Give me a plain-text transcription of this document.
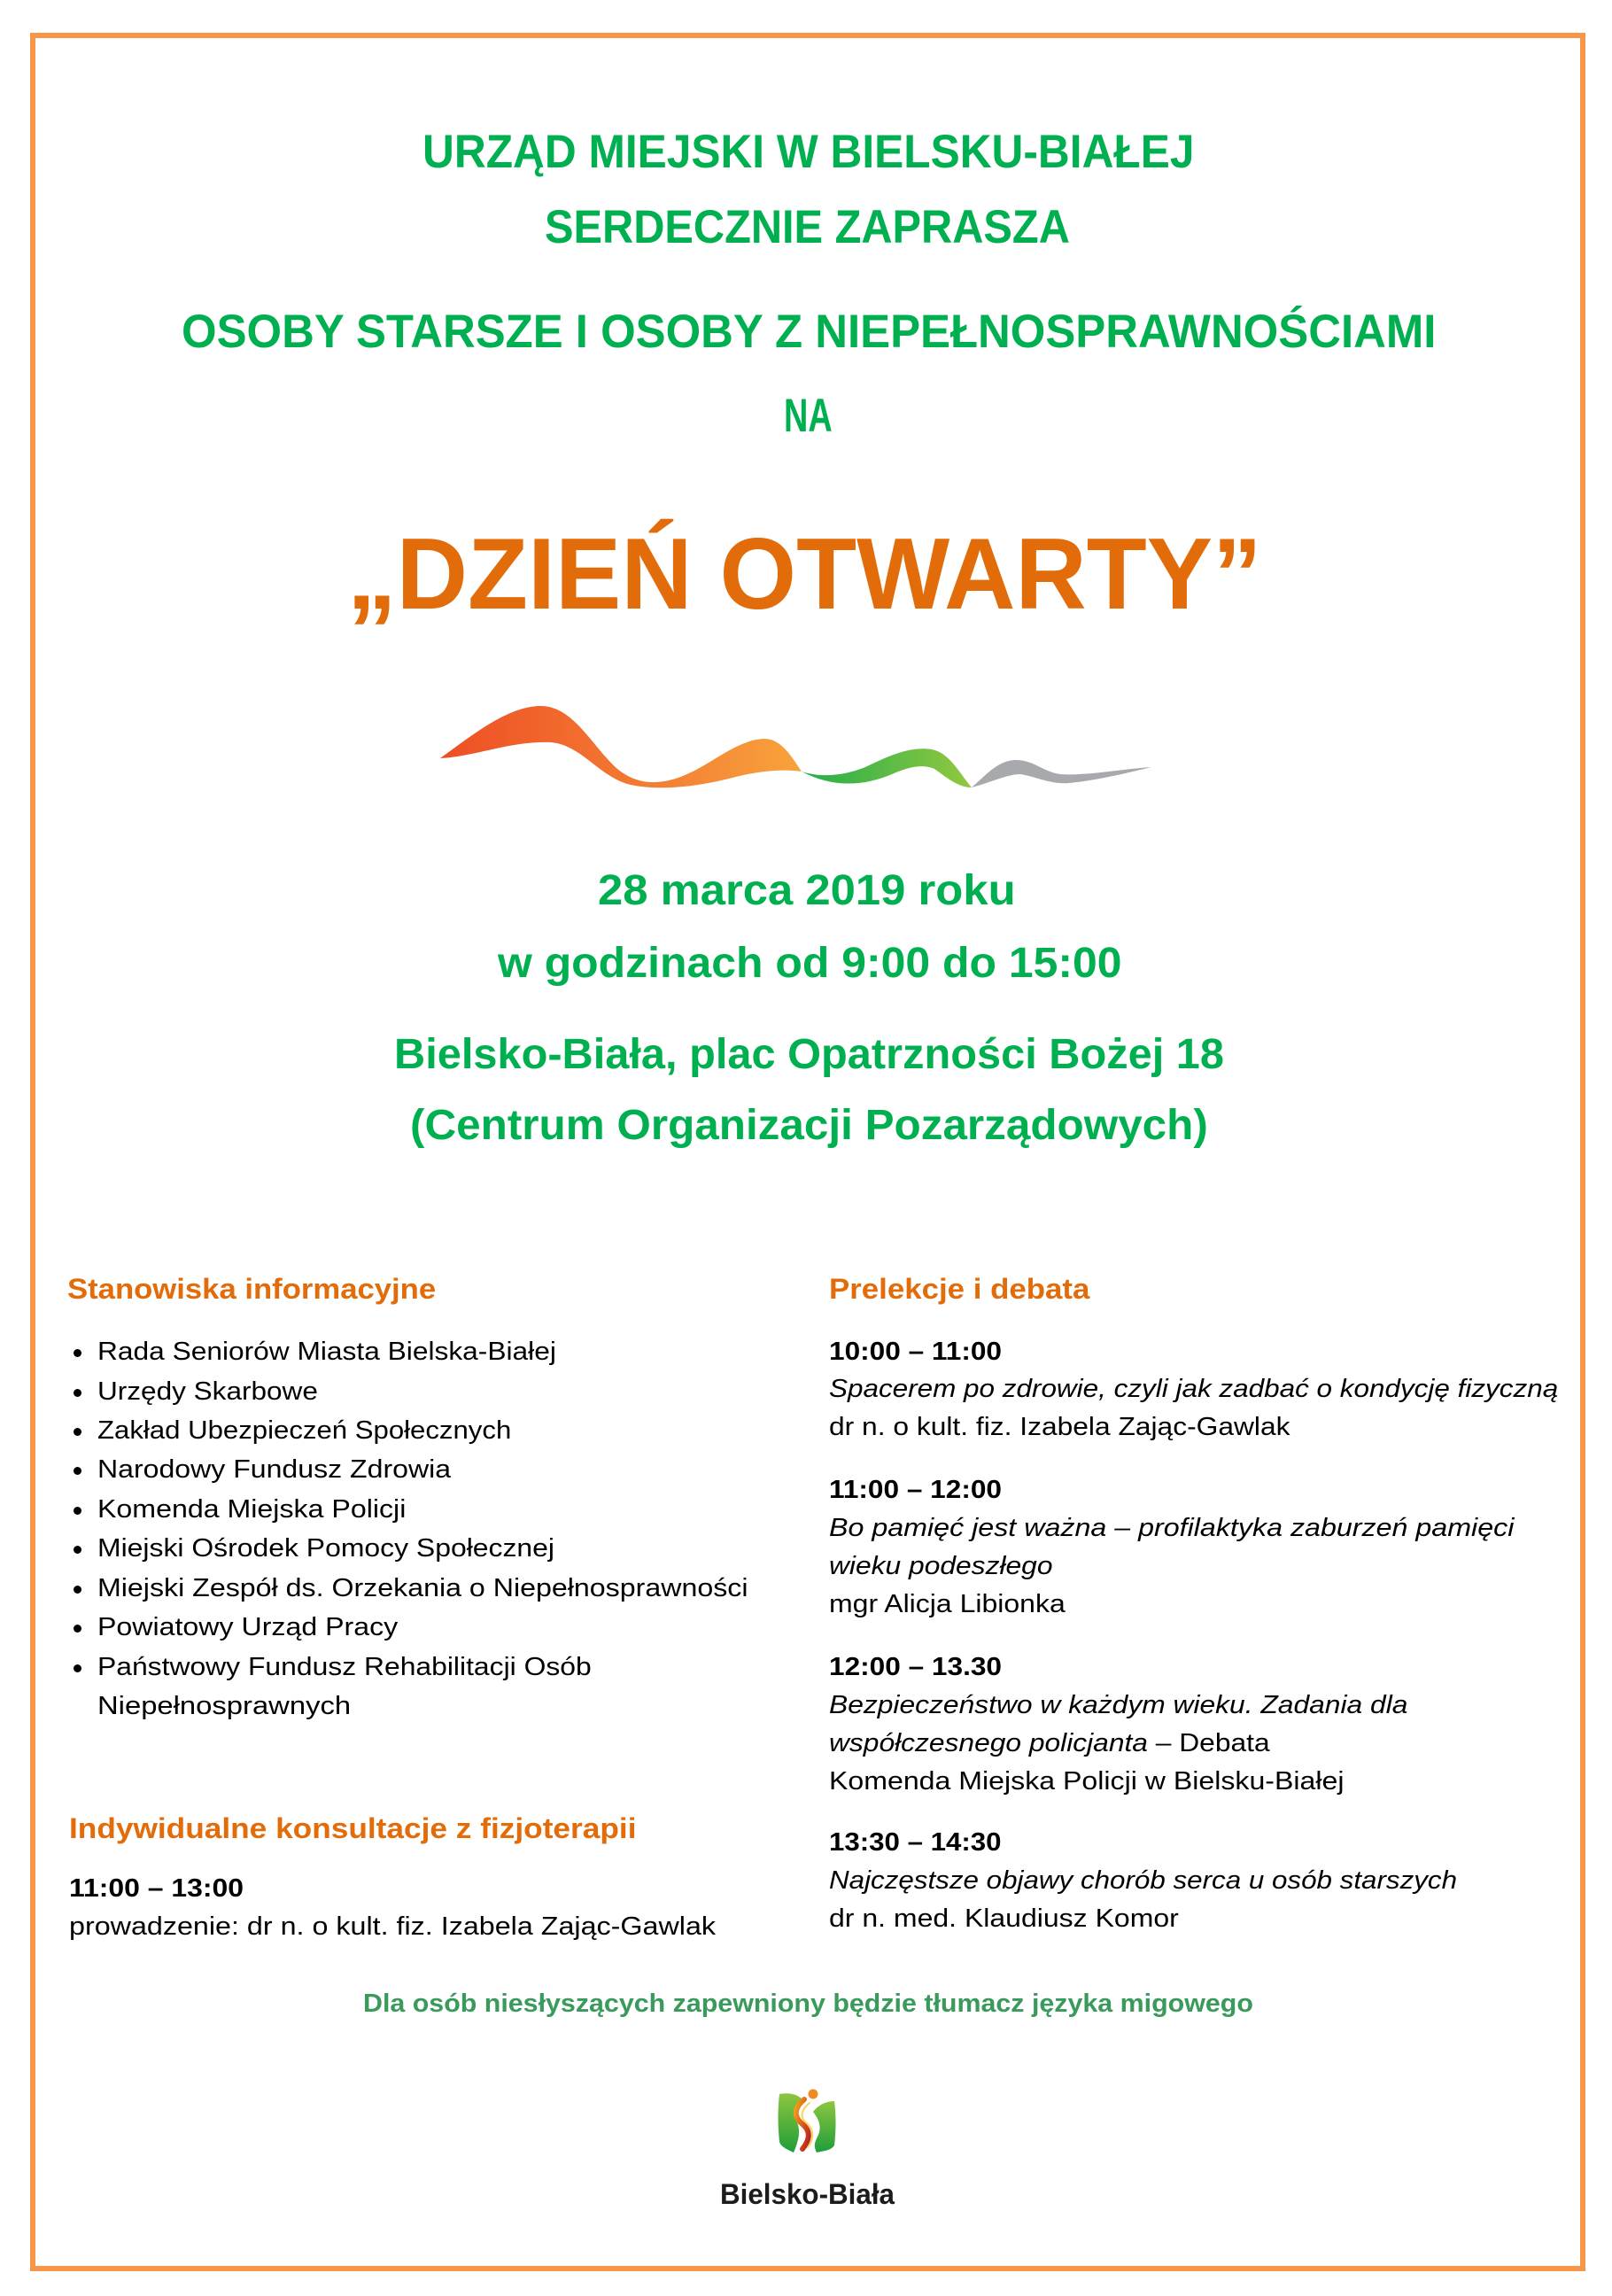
URZĄD MIEJSKI W BIELSKU-BIAŁEJ
SERDECZNIE ZAPRASZA
OSOBY STARSZE I OSOBY Z NIEPEŁNOSPRAWNOŚCIAMI
NA
„DZIEŃ OTWARTY”
28 marca 2019 roku
w godzinach od 9:00 do 15:00
Bielsko-Biała, plac Opatrzności Bożej 18
(Centrum Organizacji Pozarządowych)
Stanowiska informacyjne
Rada Seniorów Miasta Bielska-Białej
Urzędy Skarbowe
Zakład Ubezpieczeń Społecznych
Narodowy Fundusz Zdrowia
Komenda Miejska Policji
Miejski Ośrodek Pomocy Społecznej
Miejski Zespół ds. Orzekania o Niepełnosprawności
Powiatowy Urząd Pracy
Państwowy Fundusz Rehabilitacji Osób
Niepełnosprawnych
Indywidualne konsultacje z fizjoterapii
11:00 – 13:00
prowadzenie: dr n. o kult. fiz. Izabela Zając-Gawlak
Prelekcje i debata
10:00 – 11:00
Spacerem po zdrowie, czyli jak zadbać o kondycję fizyczną
dr n. o kult. fiz. Izabela Zając-Gawlak
11:00 – 12:00
Bo pamięć jest ważna – profilaktyka zaburzeń pamięci
wieku podeszłego
mgr Alicja Libionka
12:00 – 13.30
Bezpieczeństwo w każdym wieku. Zadania dla
współczesnego policjanta – Debata
Komenda Miejska Policji w Bielsku-Białej
13:30 – 14:30
Najczęstsze objawy chorób serca u osób starszych
dr n. med. Klaudiusz Komor
Dla osób niesłyszących zapewniony będzie tłumacz języka migowego
Bielsko-Biała
